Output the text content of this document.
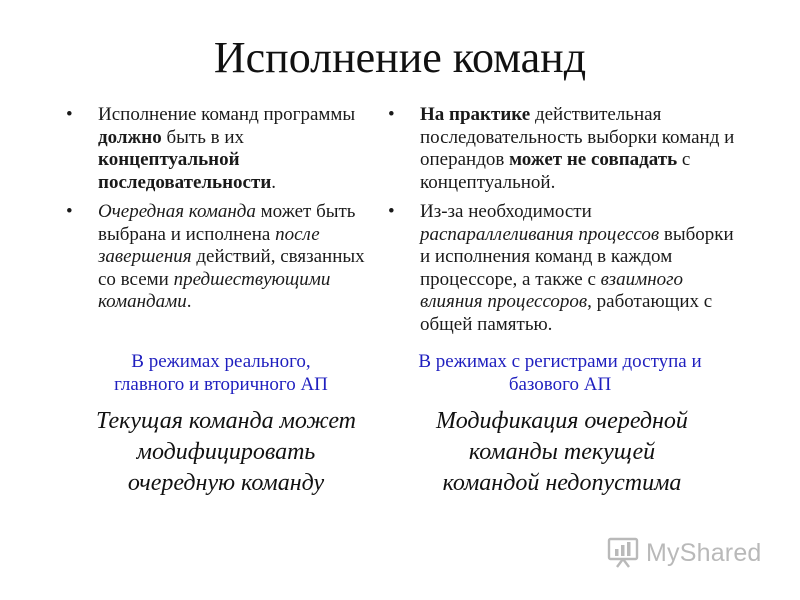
Исполнение команд
• Исполнение команд программы должно быть в их концептуальной последовательности.
• Очередная команда может быть выбрана и исполнена после завершения действий, связанных со всеми предшествующими командами.
• На практике действительная последовательность выборки команд и операндов может не совпадать с концептуальной.
• Из-за необходимости распараллеливания процессов выборки и исполнения команд в каждом процессоре, а также с взаимного влияния процессоров, работающих с общей памятью.
В режимах реального,
главного и вторичного АП
В режимах с регистрами доступа и
базового АП
Текущая команда может
модифицировать
очередную команду
Модификация очередной
команды текущей
командой недопустима
MyShared
